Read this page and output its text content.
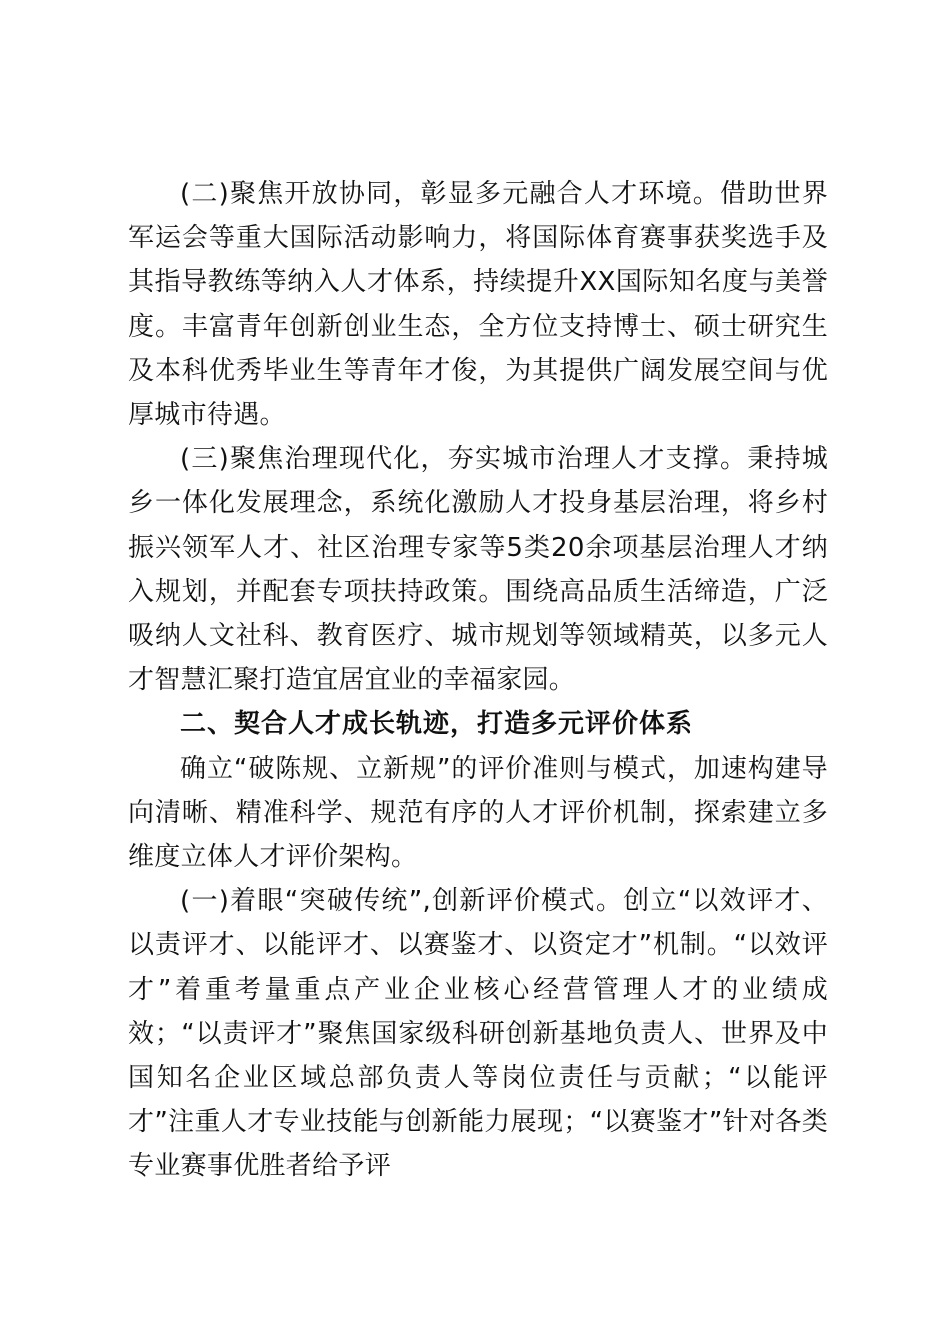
(二)聚焦开放协同，彰显多元融合人才环境。借助世界军运会等重大国际活动影响力，将国际体育赛事获奖选手及其指导教练等纳入人才体系，持续提升XX国际知名度与美誉度。丰富青年创新创业生态，全方位支持博士、硕士研究生及本科优秀毕业生等青年才俊，为其提供广阔发展空间与优厚城市待遇。

(三)聚焦治理现代化，夯实城市治理人才支撑。秉持城乡一体化发展理念，系统化激励人才投身基层治理，将乡村振兴领军人才、社区治理专家等5类20余项基层治理人才纳入规划，并配套专项扶持政策。围绕高品质生活缔造，广泛吸纳人文社科、教育医疗、城市规划等领域精英，以多元人才智慧汇聚打造宜居宜业的幸福家园。

二、契合人才成长轨迹，打造多元评价体系

确立“破陈规、立新规”的评价准则与模式，加速构建导向清晰、精准科学、规范有序的人才评价机制，探索建立多维度立体人才评价架构。

(一)着眼“突破传统”,创新评价模式。创立“以效评才、以责评才、以能评才、以赛鉴才、以资定才”机制。“以效评才”着重考量重点产业企业核心经营管理人才的业绩成效；“以责评才”聚焦国家级科研创新基地负责人、世界及中国知名企业区域总部负责人等岗位责任与贡献；“以能评才”注重人才专业技能与创新能力展现；“以赛鉴才”针对各类专业赛事优胜者给予评
